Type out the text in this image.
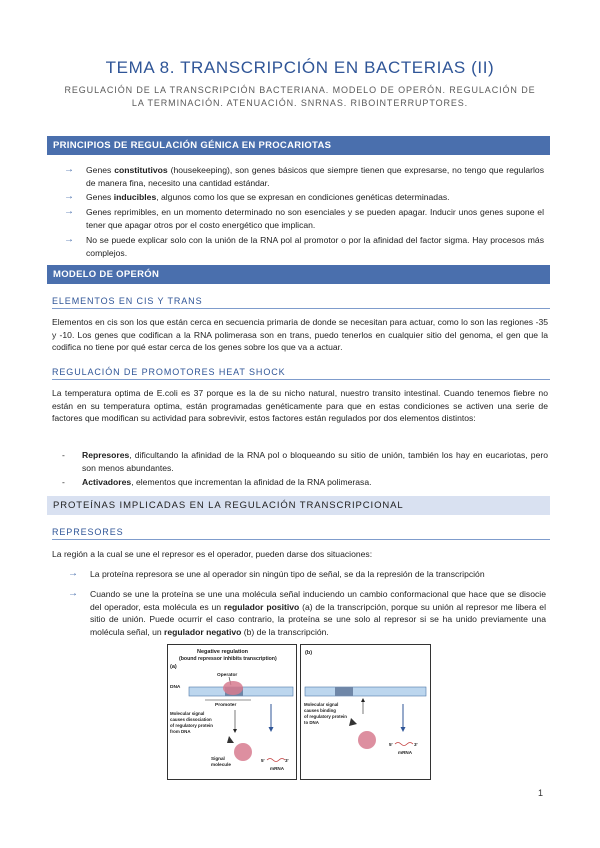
TEMA 8. TRANSCRIPCIÓN EN BACTERIAS (II)
REGULACIÓN DE LA TRANSCRIPCIÓN BACTERIANA. MODELO DE OPERÓN. REGULACIÓN DE LA TERMINACIÓN. ATENUACIÓN. SNRNAS. RIBOINTERRUPTORES.
PRINCIPIOS DE REGULACIÓN GÉNICA EN PROCARIOTAS
→ Genes constitutivos (housekeeping), son genes básicos que siempre tienen que expresarse, no tengo que regularlos de manera fina, necesito una cantidad estándar.
→ Genes inducibles, algunos como los que se expresan en condiciones genéticas determinadas.
→ Genes reprimibles, en un momento determinado no son esenciales y se pueden apagar. Inducir unos genes supone el tener que apagar otros por el costo energético que implican.
→ No se puede explicar solo con la unión de la RNA pol al promotor o por la afinidad del factor sigma. Hay procesos más complejos.
MODELO DE OPERÓN
ELEMENTOS EN CIS Y TRANS
Elementos en cis son los que están cerca en secuencia primaria de donde se necesitan para actuar, como lo son las regiones -35 y -10. Los genes que codifican a la RNA polimerasa son en trans, puedo tenerlos en cualquier sitio del genoma, el gen que la codifica no tiene por qué estar cerca de los genes sobre los que va a actuar.
REGULACIÓN DE PROMOTORES HEAT SHOCK
La temperatura optima de E.coli es 37 porque es la de su nicho natural, nuestro transito intestinal. Cuando tenemos fiebre no están en su temperatura optima, están programadas genéticamente para que en estas condiciones se activen una serie de factores que modifican su actividad para sobrevivir, estos factores están regulados por dos elementos distintos:
- Represores, dificultando la afinidad de la RNA pol o bloqueando su sitio de unión, también los hay en eucariotas, pero son menos abundantes.
- Activadores, elementos que incrementan la afinidad de la RNA polimerasa.
PROTEÍNAS IMPLICADAS EN LA REGULACIÓN TRANSCRIPCIONAL
REPRESORES
La región a la cual se une el represor es el operador, pueden darse dos situaciones:
→ La proteína represora se une al operador sin ningún tipo de señal, se da la represión de la transcripción
→ Cuando se une la proteína se une una molécula señal induciendo un cambio conformacional que hace que se disocie del operador, esta molécula es un regulador positivo (a) de la transcripción, porque su unión al represor me libera el sitio de unión. Puede ocurrir el caso contrario, la proteína se une solo al represor si se ha unido previamente una molécula señal, un regulador negativo (b) de la transcripción.
Negative regulation
(bound repressor inhibits transcription)
(a)
Operator
DNA
Promoter
Molecular signal
causes dissociation
of regulatory protein
from DNA
Signal
molecule
5'	3'
mRNA
(b)
Molecular signal
causes binding
of regulatory protein
to DNA
5'	3'
mRNA
1
